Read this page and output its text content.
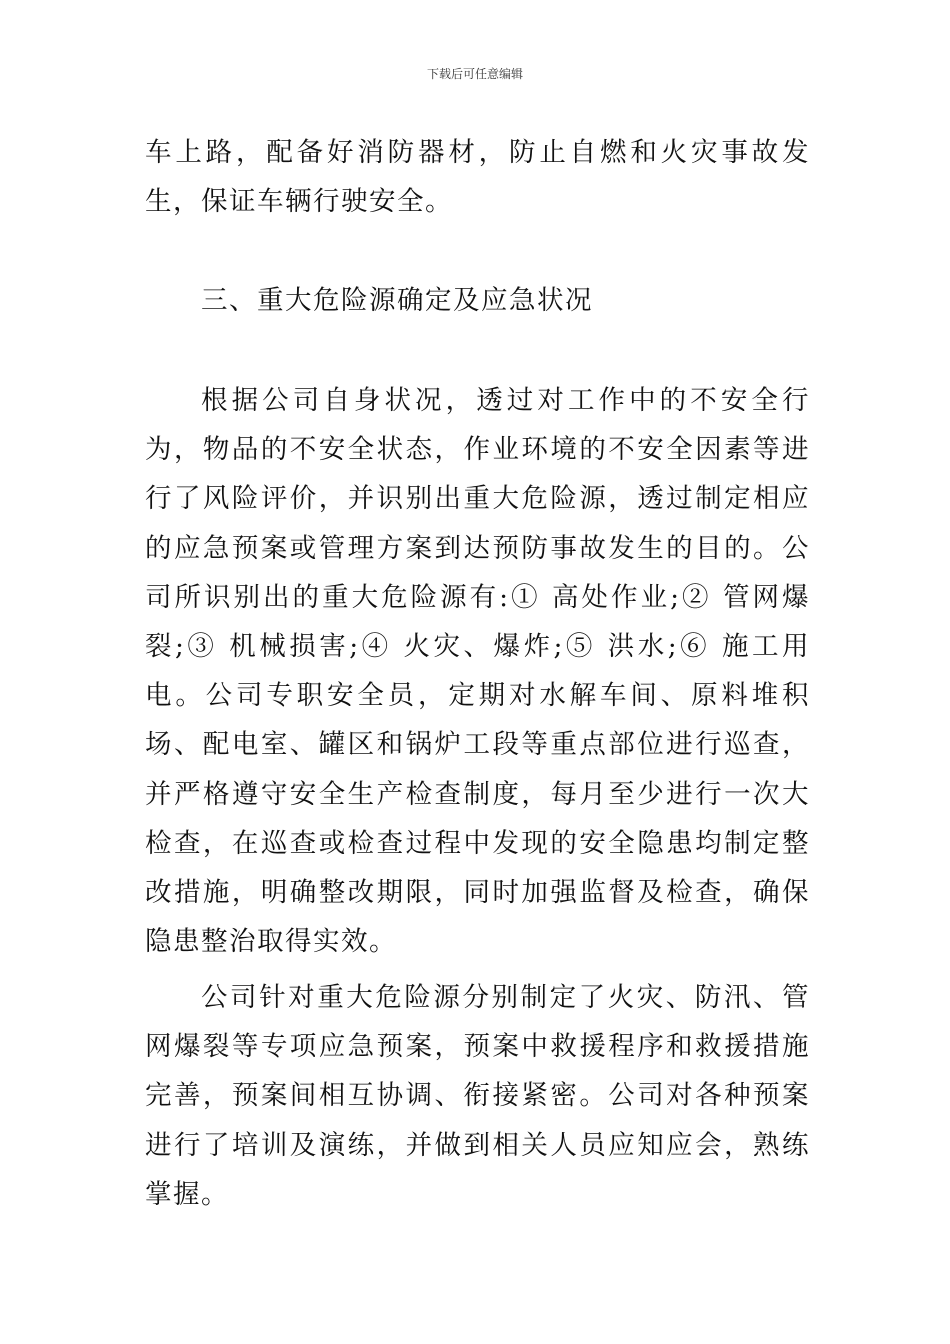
下载后可任意编辑

车上路，配备好消防器材，防止自燃和火灾事故发生，保证车辆行驶安全。

三、重大危险源确定及应急状况

根据公司自身状况，透过对工作中的不安全行为，物品的不安全状态，作业环境的不安全因素等进行了风险评价，并识别出重大危险源，透过制定相应的应急预案或管理方案到达预防事故发生的目的。公司所识别出的重大危险源有:① 高处作业;② 管网爆裂;③ 机械损害;④ 火灾、爆炸;⑤ 洪水;⑥ 施工用电。公司专职安全员，定期对水解车间、原料堆积场、配电室、罐区和锅炉工段等重点部位进行巡查，并严格遵守安全生产检查制度，每月至少进行一次大检查，在巡查或检查过程中发现的安全隐患均制定整改措施，明确整改期限，同时加强监督及检查，确保隐患整治取得实效。

公司针对重大危险源分别制定了火灾、防汛、管网爆裂等专项应急预案，预案中救援程序和救援措施完善，预案间相互协调、衔接紧密。公司对各种预案进行了培训及演练，并做到相关人员应知应会，熟练掌握。
